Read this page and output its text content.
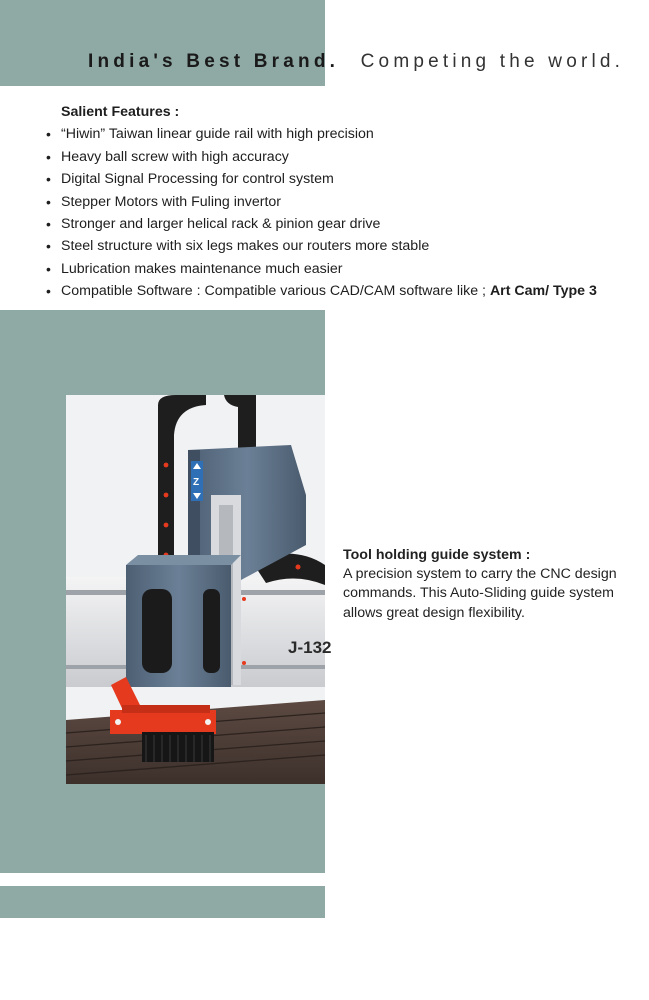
India's Best Brand. Competing the world.
Salient Features :
• “Hiwin” Taiwan linear guide rail with high precision
• Heavy ball screw with high accuracy
• Digital Signal Processing for control system
• Stepper Motors with Fuling invertor
• Stronger and larger helical rack & pinion gear drive
• Steel structure with six legs makes our routers more stable
• Lubrication makes maintenance much easier
• Compatible Software : Compatible various CAD/CAM software like ; Art Cam/ Type 3
J-132
Z
Tool holding guide system :
A precision system to carry the CNC design commands. This Auto-Sliding guide system allows great design flexibility.
